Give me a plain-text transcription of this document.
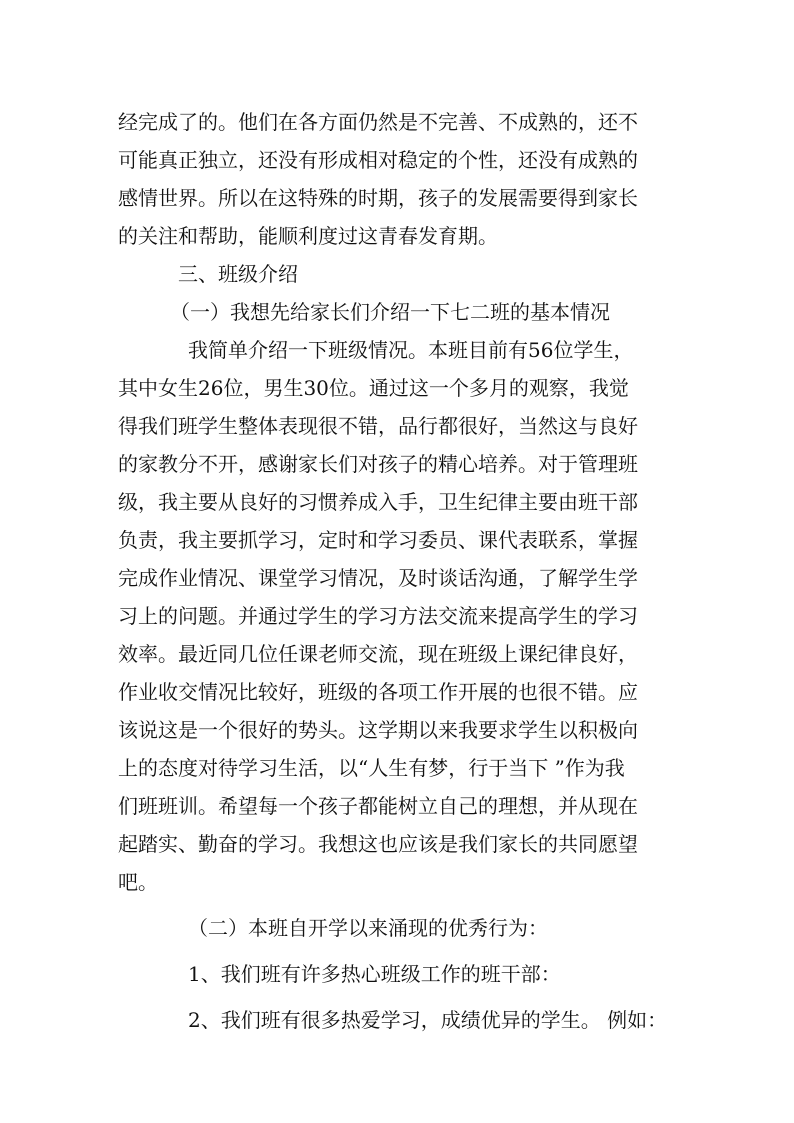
经完成了的。他们在各方面仍然是不完善、不成熟的，还不
可能真正独立，还没有形成相对稳定的个性，还没有成熟的
感情世界。所以在这特殊的时期，孩子的发展需要得到家长
的关注和帮助，能顺利度过这青春发育期。
三、班级介绍
（一）我想先给家长们介绍一下七二班的基本情况
我简单介绍一下班级情况。本班目前有56位学生，
其中女生26位，男生30位。通过这一个多月的观察，我觉
得我们班学生整体表现很不错，品行都很好，当然这与良好
的家教分不开，感谢家长们对孩子的精心培养。对于管理班
级，我主要从良好的习惯养成入手，卫生纪律主要由班干部
负责，我主要抓学习，定时和学习委员、课代表联系，掌握
完成作业情况、课堂学习情况，及时谈话沟通，了解学生学
习上的问题。并通过学生的学习方法交流来提高学生的学习
效率。最近同几位任课老师交流，现在班级上课纪律良好，
作业收交情况比较好，班级的各项工作开展的也很不错。应
该说这是一个很好的势头。这学期以来我要求学生以积极向
上的态度对待学习生活，以“人生有梦，行于当下 ”作为我
们班班训。希望每一个孩子都能树立自己的理想，并从现在
起踏实、勤奋的学习。我想这也应该是我们家长的共同愿望
吧。
（二）本班自开学以来涌现的优秀行为：
1、我们班有许多热心班级工作的班干部：
2、我们班有很多热爱学习，成绩优异的学生。 例如：
